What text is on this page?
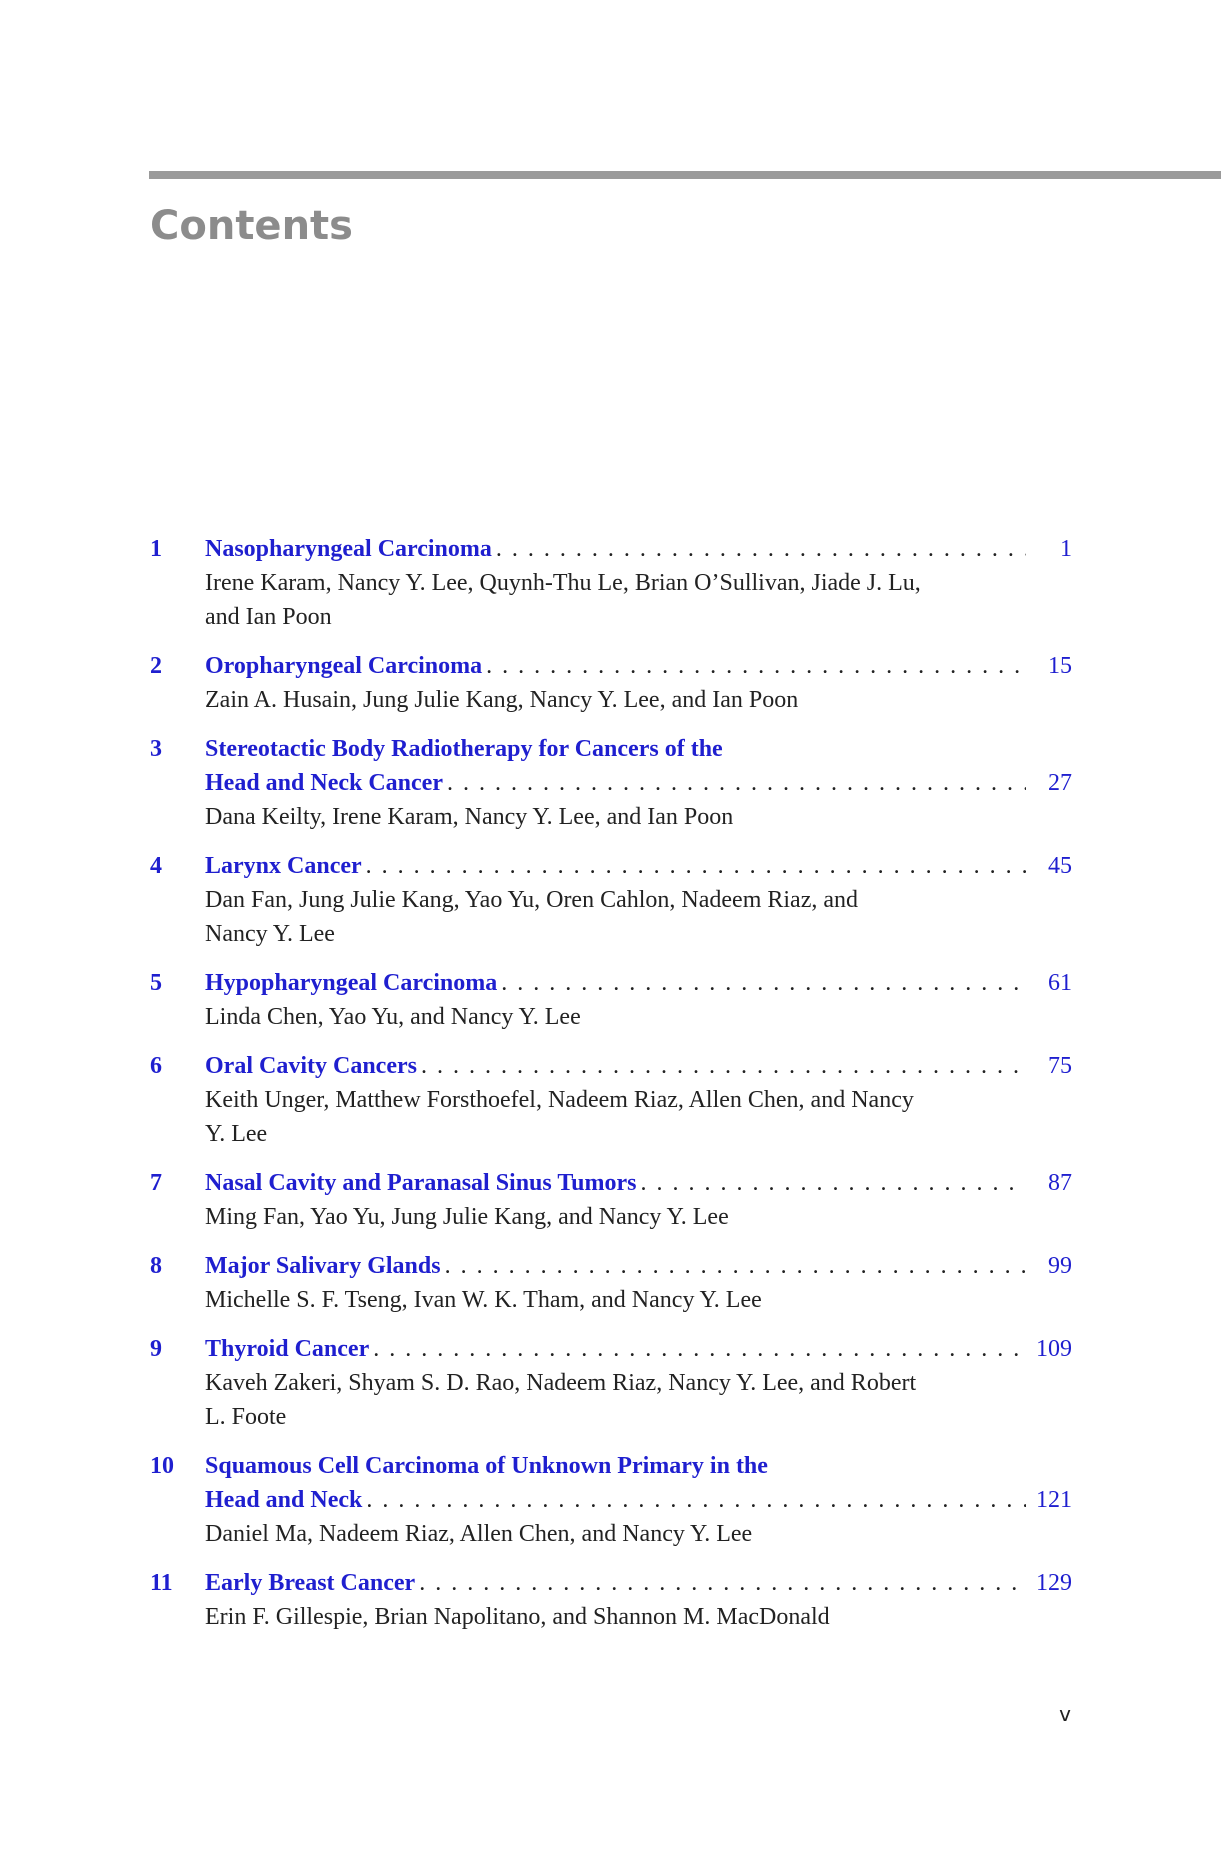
Contents
1 Nasopharyngeal Carcinoma . . .	1

Irene Karam, Nancy Y. Lee, Quynh-Thu Le, Brian O’Sullivan, Jiade J. Lu, and Ian Poon

2 Oropharyngeal Carcinoma . . .	15

Zain A. Husain, Jung Julie Kang, Nancy Y. Lee, and Ian Poon

3 Stereotactic Body Radiotherapy for Cancers of the
Head and Neck Cancer . . .	27

Dana Keilty, Irene Karam, Nancy Y. Lee, and Ian Poon

4 Larynx Cancer . . .	45

Dan Fan, Jung Julie Kang, Yao Yu, Oren Cahlon, Nadeem Riaz, and Nancy Y. Lee

5 Hypopharyngeal Carcinoma . . .	61

Linda Chen, Yao Yu, and Nancy Y. Lee

6 Oral Cavity Cancers . . .	75

Keith Unger, Matthew Forsthoefel, Nadeem Riaz, Allen Chen, and Nancy Y. Lee

7 Nasal Cavity and Paranasal Sinus Tumors . . .	87

Ming Fan, Yao Yu, Jung Julie Kang, and Nancy Y. Lee

8 Major Salivary Glands . . .	99

Michelle S. F. Tseng, Ivan W. K. Tham, and Nancy Y. Lee

9 Thyroid Cancer . . .	109

Kaveh Zakeri, Shyam S. D. Rao, Nadeem Riaz, Nancy Y. Lee, and Robert L. Foote

10 Squamous Cell Carcinoma of Unknown Primary in the
Head and Neck . . .	121

Daniel Ma, Nadeem Riaz, Allen Chen, and Nancy Y. Lee

11 Early Breast Cancer . . .	129

Erin F. Gillespie, Brian Napolitano, and Shannon M. MacDonald

v
